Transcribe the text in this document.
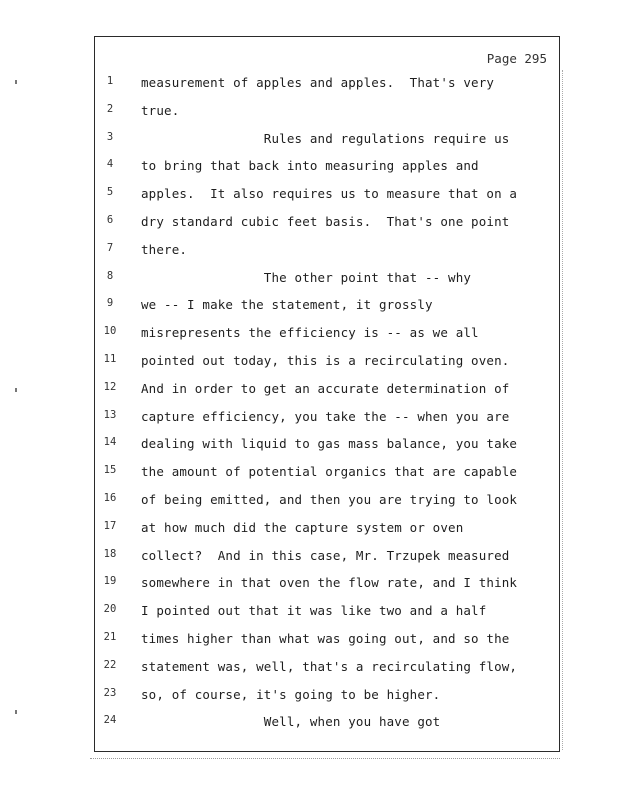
Page 295
1	measurement of apples and apples.  That's very
2	true.
3	Rules and regulations require us
4	to bring that back into measuring apples and
5	apples.  It also requires us to measure that on a
6	dry standard cubic feet basis.  That's one point
7	there.
8	The other point that -- why
9	we -- I make the statement, it grossly
10 misrepresents the efficiency is -- as we all
11 pointed out today, this is a recirculating oven.
12 And in order to get an accurate determination of
13 capture efficiency, you take the -- when you are
14 dealing with liquid to gas mass balance, you take
15 the amount of potential organics that are capable
16 of being emitted, and then you are trying to look
17 at how much did the capture system or oven
18 collect?  And in this case, Mr. Trzupek measured
19 somewhere in that oven the flow rate, and I think
20 I pointed out that it was like two and a half
21 times higher than what was going out, and so the
22 statement was, well, that's a recirculating flow,
23 so, of course, it's going to be higher.
24 Well, when you have got
